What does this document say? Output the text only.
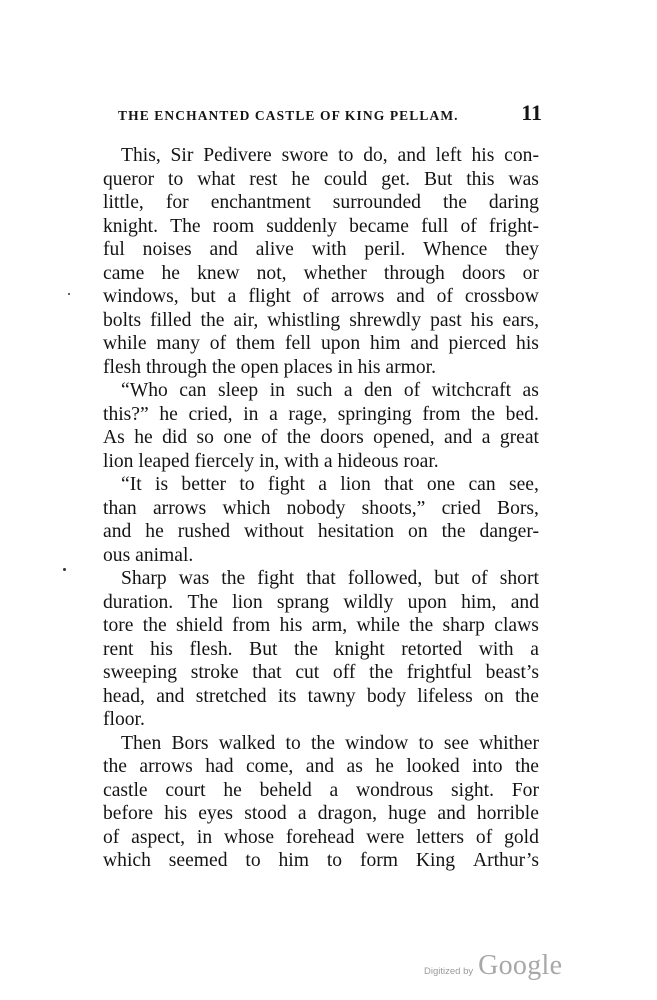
THE ENCHANTED CASTLE OF KING PELLAM.	11
This, Sir Pedivere swore to do, and left his con-
queror to what rest he could get. But this was
little, for enchantment surrounded the daring
knight. The room suddenly became full of fright-
ful noises and alive with peril. Whence they
came he knew not, whether through doors or
windows, but a flight of arrows and of crossbow
bolts filled the air, whistling shrewdly past his ears,
while many of them fell upon him and pierced his
flesh through the open places in his armor.
“Who can sleep in such a den of witchcraft as
this?” he cried, in a rage, springing from the bed.
As he did so one of the doors opened, and a great
lion leaped fiercely in, with a hideous roar.
“It is better to fight a lion that one can see,
than arrows which nobody shoots,” cried Bors,
and he rushed without hesitation on the danger-
ous animal.
Sharp was the fight that followed, but of short
duration. The lion sprang wildly upon him, and
tore the shield from his arm, while the sharp claws
rent his flesh. But the knight retorted with a
sweeping stroke that cut off the frightful beast’s
head, and stretched its tawny body lifeless on the
floor.
Then Bors walked to the window to see whither
the arrows had come, and as he looked into the
castle court he beheld a wondrous sight. For
before his eyes stood a dragon, huge and horrible
of aspect, in whose forehead were letters of gold
which seemed to him to form King Arthur’s
Digitized by Google
